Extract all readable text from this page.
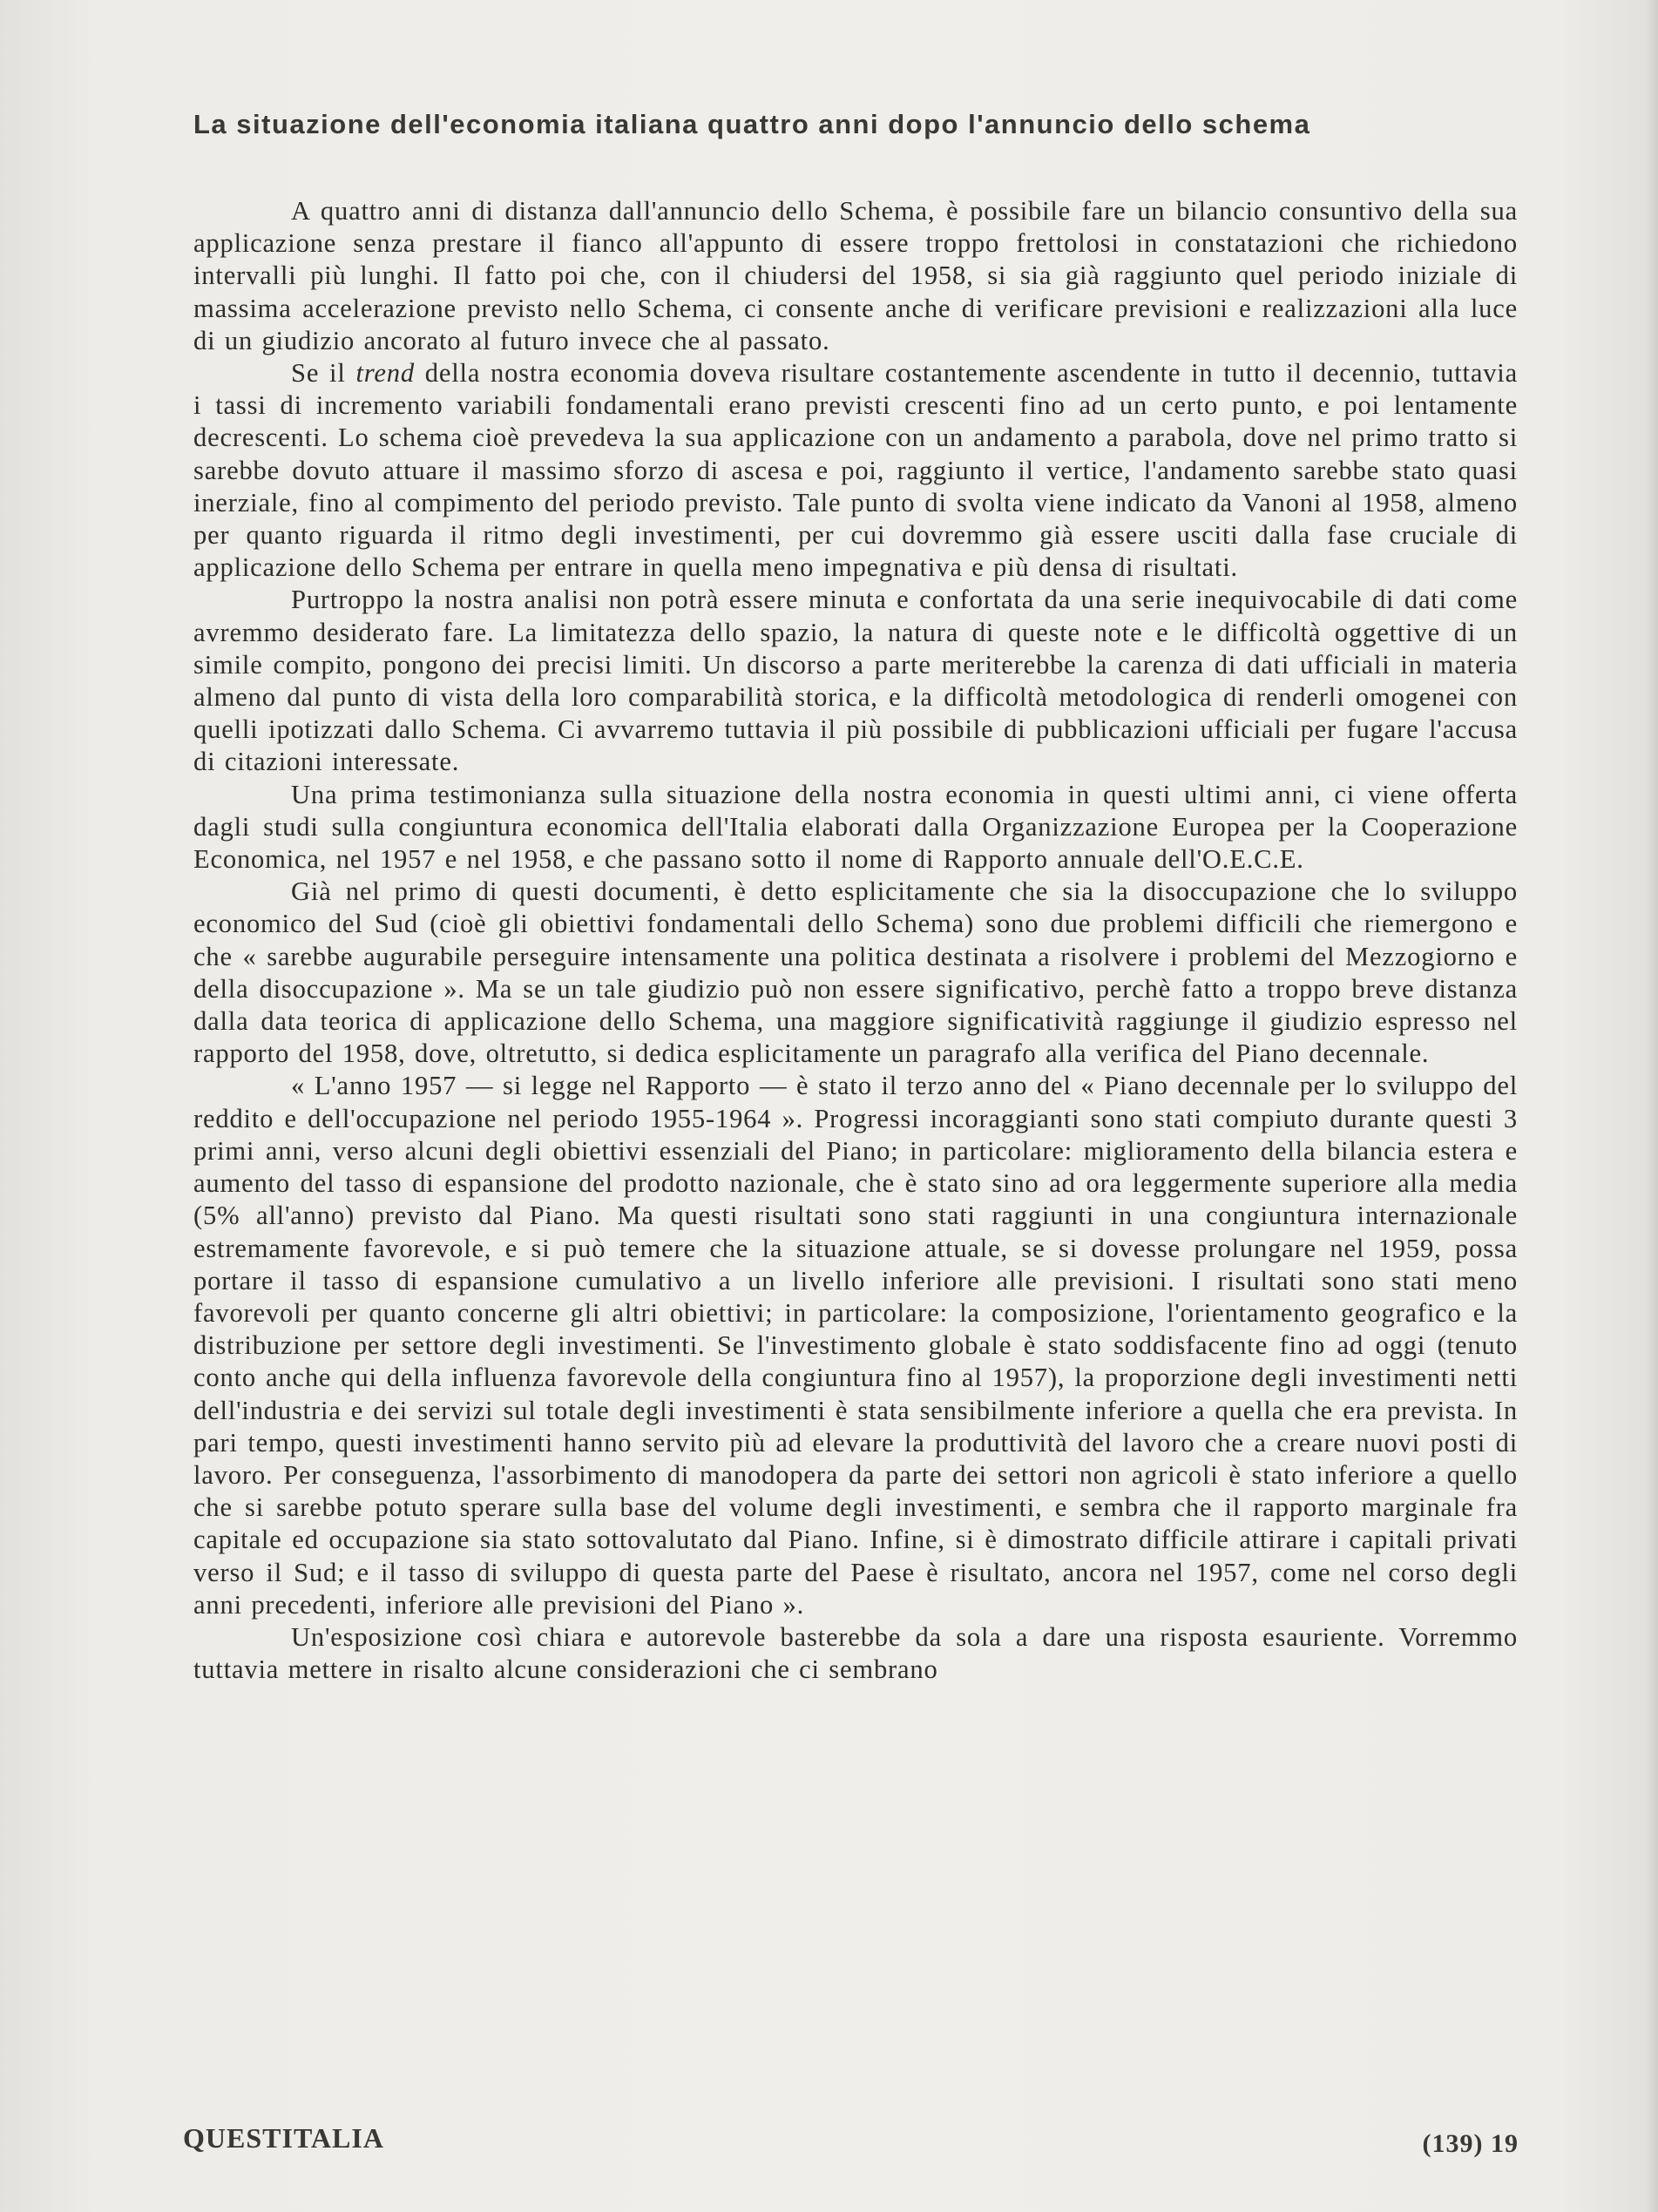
La situazione dell'economia italiana quattro anni dopo l'annuncio dello schema

A quattro anni di distanza dall'annuncio dello Schema, è possibile fare un bilancio consuntivo della sua applicazione senza prestare il fianco all'appunto di essere troppo frettolosi in constatazioni che richiedono intervalli più lunghi. Il fatto poi che, con il chiudersi del 1958, si sia già raggiunto quel periodo iniziale di massima accelerazione previsto nello Schema, ci consente anche di verificare previsioni e realizzazioni alla luce di un giudizio ancorato al futuro invece che al passato.

Se il trend della nostra economia doveva risultare costantemente ascendente in tutto il decennio, tuttavia i tassi di incremento variabili fondamentali erano previsti crescenti fino ad un certo punto, e poi lentamente decrescenti. Lo schema cioè prevedeva la sua applicazione con un andamento a parabola, dove nel primo tratto si sarebbe dovuto attuare il massimo sforzo di ascesa e poi, raggiunto il vertice, l'andamento sarebbe stato quasi inerziale, fino al compimento del periodo previsto. Tale punto di svolta viene indicato da Vanoni al 1958, almeno per quanto riguarda il ritmo degli investimenti, per cui dovremmo già essere usciti dalla fase cruciale di applicazione dello Schema per entrare in quella meno impegnativa e più densa di risultati.

Purtroppo la nostra analisi non potrà essere minuta e confortata da una serie inequivocabile di dati come avremmo desiderato fare. La limitatezza dello spazio, la natura di queste note e le difficoltà oggettive di un simile compito, pongono dei precisi limiti. Un discorso a parte meriterebbe la carenza di dati ufficiali in materia almeno dal punto di vista della loro comparabilità storica, e la difficoltà metodologica di renderli omogenei con quelli ipotizzati dallo Schema. Ci avvarremo tuttavia il più possibile di pubblicazioni ufficiali per fugare l'accusa di citazioni interessate.

Una prima testimonianza sulla situazione della nostra economia in questi ultimi anni, ci viene offerta dagli studi sulla congiuntura economica dell'Italia elaborati dalla Organizzazione Europea per la Cooperazione Economica, nel 1957 e nel 1958, e che passano sotto il nome di Rapporto annuale dell'O.E.C.E.

Già nel primo di questi documenti, è detto esplicitamente che sia la disoccupazione che lo sviluppo economico del Sud (cioè gli obiettivi fondamentali dello Schema) sono due problemi difficili che riemergono e che « sarebbe augurabile perseguire intensamente una politica destinata a risolvere i problemi del Mezzogiorno e della disoccupazione ». Ma se un tale giudizio può non essere significativo, perchè fatto a troppo breve distanza dalla data teorica di applicazione dello Schema, una maggiore significatività raggiunge il giudizio espresso nel rapporto del 1958, dove, oltretutto, si dedica esplicitamente un paragrafo alla verifica del Piano decennale.

« L'anno 1957 — si legge nel Rapporto — è stato il terzo anno del « Piano decennale per lo sviluppo del reddito e dell'occupazione nel periodo 1955-1964 ». Progressi incoraggianti sono stati compiuto durante questi 3 primi anni, verso alcuni degli obiettivi essenziali del Piano; in particolare: miglioramento della bilancia estera e aumento del tasso di espansione del prodotto nazionale, che è stato sino ad ora leggermente superiore alla media (5% all'anno) previsto dal Piano. Ma questi risultati sono stati raggiunti in una congiuntura internazionale estremamente favorevole, e si può temere che la situazione attuale, se si dovesse prolungare nel 1959, possa portare il tasso di espansione cumulativo a un livello inferiore alle previsioni. I risultati sono stati meno favorevoli per quanto concerne gli altri obiettivi; in particolare: la composizione, l'orientamento geografico e la distribuzione per settore degli investimenti. Se l'investimento globale è stato soddisfacente fino ad oggi (tenuto conto anche qui della influenza favorevole della congiuntura fino al 1957), la proporzione degli investimenti netti dell'industria e dei servizi sul totale degli investimenti è stata sensibilmente inferiore a quella che era prevista. In pari tempo, questi investimenti hanno servito più ad elevare la produttività del lavoro che a creare nuovi posti di lavoro. Per conseguenza, l'assorbimento di manodopera da parte dei settori non agricoli è stato inferiore a quello che si sarebbe potuto sperare sulla base del volume degli investimenti, e sembra che il rapporto marginale fra capitale ed occupazione sia stato sottovalutato dal Piano. Infine, si è dimostrato difficile attirare i capitali privati verso il Sud; e il tasso di sviluppo di questa parte del Paese è risultato, ancora nel 1957, come nel corso degli anni precedenti, inferiore alle previsioni del Piano ».

Un'esposizione così chiara e autorevole basterebbe da sola a dare una risposta esauriente. Vorremmo tuttavia mettere in risalto alcune considerazioni che ci sembrano

QUESTITALIA	(139) 19
